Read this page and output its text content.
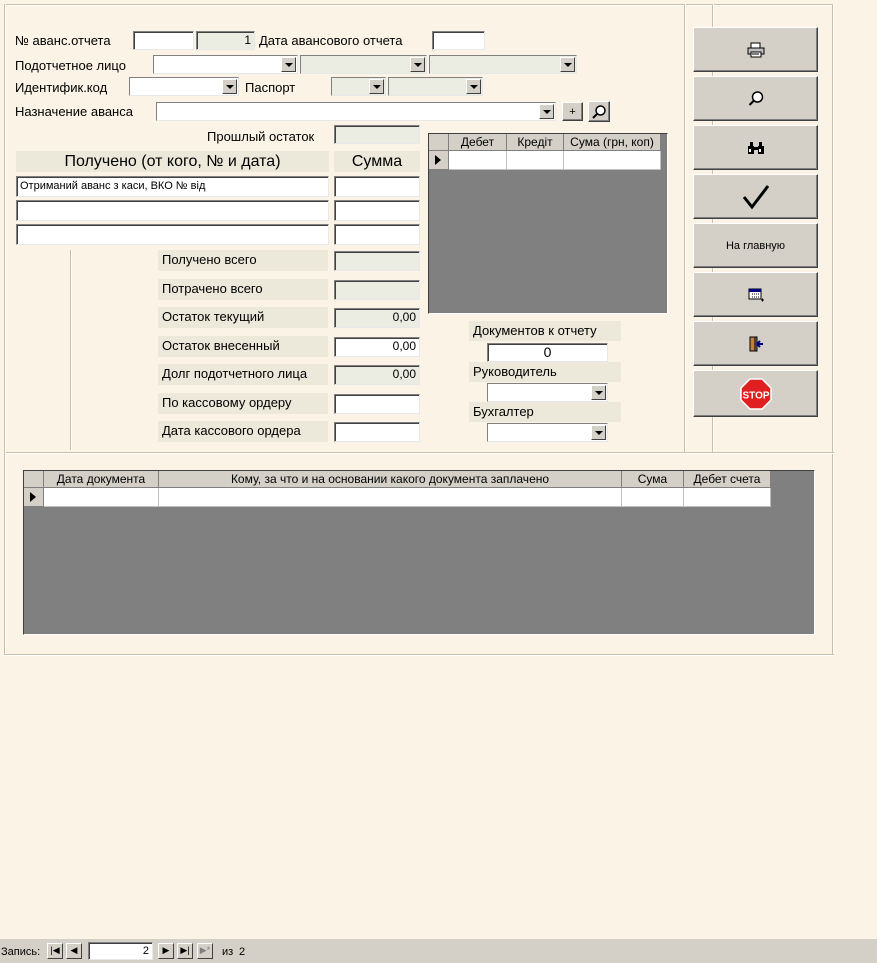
№ аванс.отчета	1 Дата авансового отчета
Подотчетное лицо
Идентифик.код	Паспорт
Назначение аванса	+
Прошлый остаток
Получено (от кого, № и дата)	Сумма
Отриманий аванс з каси, ВКО № від
Получено всего
Потрачено всего
Остаток текущий	0,00
Остаток внесенный	0,00
Долг подотчетного лица	0,00
По кассовому ордеру
Дата кассового ордера
Дебет	Кредіт	Сума (грн, коп)
Документов к отчету
0
Руководитель
Бухгалтер
На главную
STOP
Дата документа	Кому, за что и на основании какого документа заплачено	Сума	Дебет счета
Запись:	|◀	◀	2	▶	▶|	▶* из 2
